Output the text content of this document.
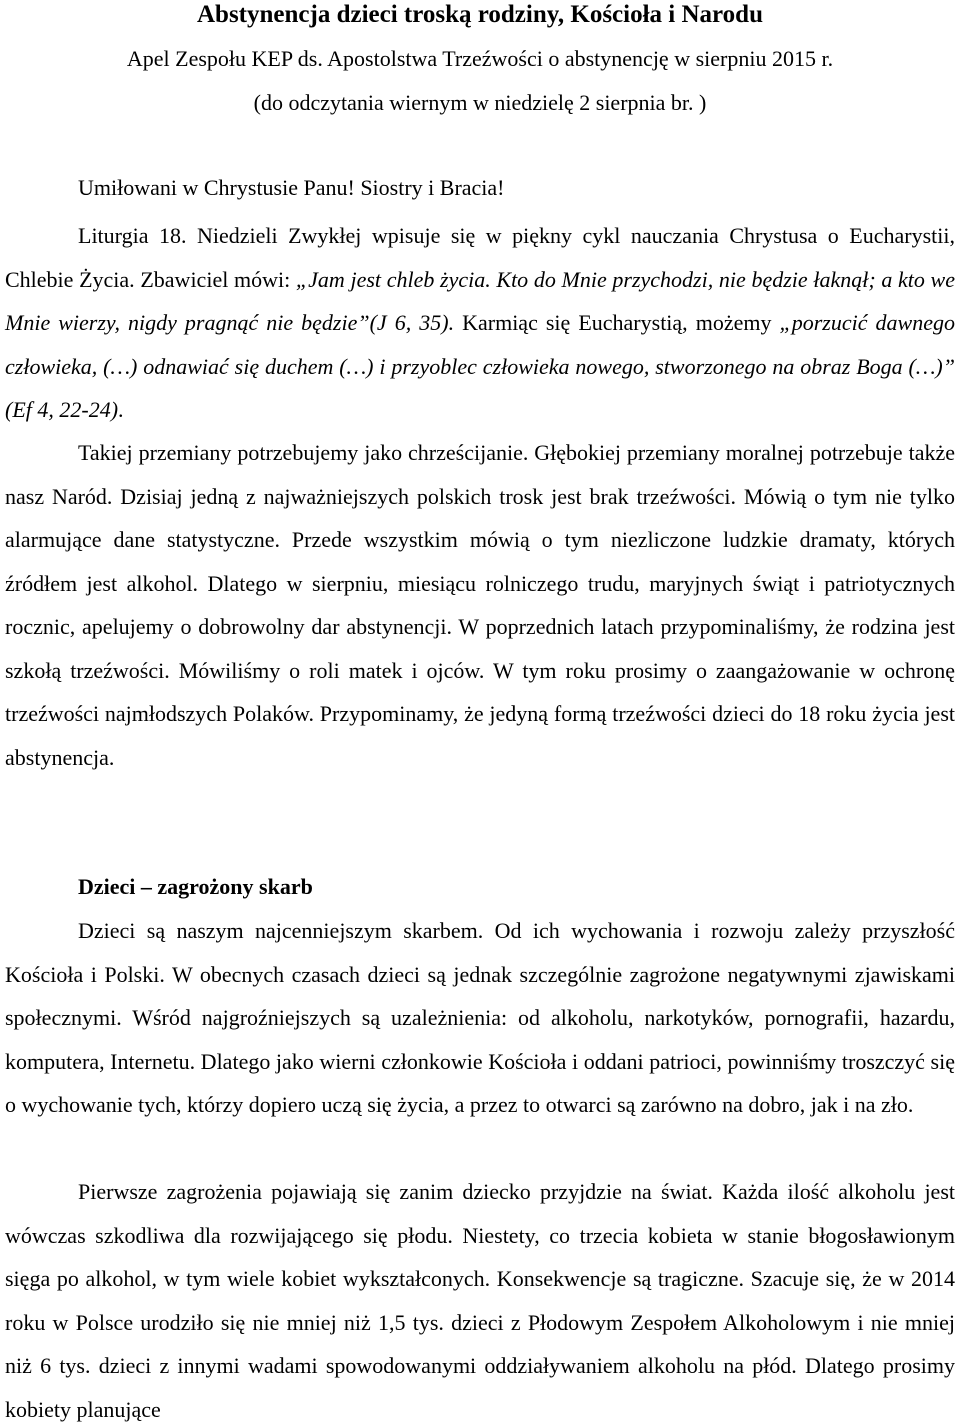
Abstynencja dzieci troską rodziny, Kościoła i Narodu
Apel Zespołu KEP ds. Apostolstwa Trzeźwości o abstynencję w sierpniu 2015 r.
(do odczytania wiernym w niedzielę 2 sierpnia br. )
Umiłowani w Chrystusie Panu! Siostry i Bracia!
Liturgia 18. Niedzieli Zwykłej wpisuje się w piękny cykl nauczania Chrystusa o Eucharystii, Chlebie Życia. Zbawiciel mówi: „Jam jest chleb życia. Kto do Mnie przychodzi, nie będzie łaknął; a kto we Mnie wierzy, nigdy pragnąć nie będzie”(J 6, 35). Karmiąc się Eucharystią, możemy „porzucić dawnego człowieka, (…) odnawiać się duchem (…) i przyoblec człowieka nowego, stworzonego na obraz Boga (…)” (Ef 4, 22-24).
Takiej przemiany potrzebujemy jako chrześcijanie. Głębokiej przemiany moralnej potrzebuje także nasz Naród. Dzisiaj jedną z najważniejszych polskich trosk jest brak trzeźwości. Mówią o tym nie tylko alarmujące dane statystyczne. Przede wszystkim mówią o tym niezliczone ludzkie dramaty, których źródłem jest alkohol. Dlatego w sierpniu, miesiącu rolniczego trudu, maryjnych świąt i patriotycznych rocznic, apelujemy o dobrowolny dar abstynencji. W poprzednich latach przypominaliśmy, że rodzina jest szkołą trzeźwości. Mówiliśmy o roli matek i ojców. W tym roku prosimy o zaangażowanie w ochronę trzeźwości najmłodszych Polaków. Przypominamy, że jedyną formą trzeźwości dzieci do 18 roku życia jest abstynencja.
Dzieci – zagrożony skarb
Dzieci są naszym najcenniejszym skarbem. Od ich wychowania i rozwoju zależy przyszłość Kościoła i Polski. W obecnych czasach dzieci są jednak szczególnie zagrożone negatywnymi zjawiskami społecznymi. Wśród najgroźniejszych są uzależnienia: od alkoholu, narkotyków, pornografii, hazardu, komputera, Internetu. Dlatego jako wierni członkowie Kościoła i oddani patrioci, powinniśmy troszczyć się o wychowanie tych, którzy dopiero uczą się życia, a przez to otwarci są zarówno na dobro, jak i na zło.
Pierwsze zagrożenia pojawiają się zanim dziecko przyjdzie na świat. Każda ilość alkoholu jest wówczas szkodliwa dla rozwijającego się płodu. Niestety, co trzecia kobieta w stanie błogosławionym sięga po alkohol, w tym wiele kobiet wykształconych. Konsekwencje są tragiczne. Szacuje się, że w 2014 roku w Polsce urodziło się nie mniej niż 1,5 tys. dzieci z Płodowym Zespołem Alkoholowym i nie mniej niż 6 tys. dzieci z innymi wadami spowodowanymi oddziaływaniem alkoholu na płód. Dlatego prosimy kobiety planujące
